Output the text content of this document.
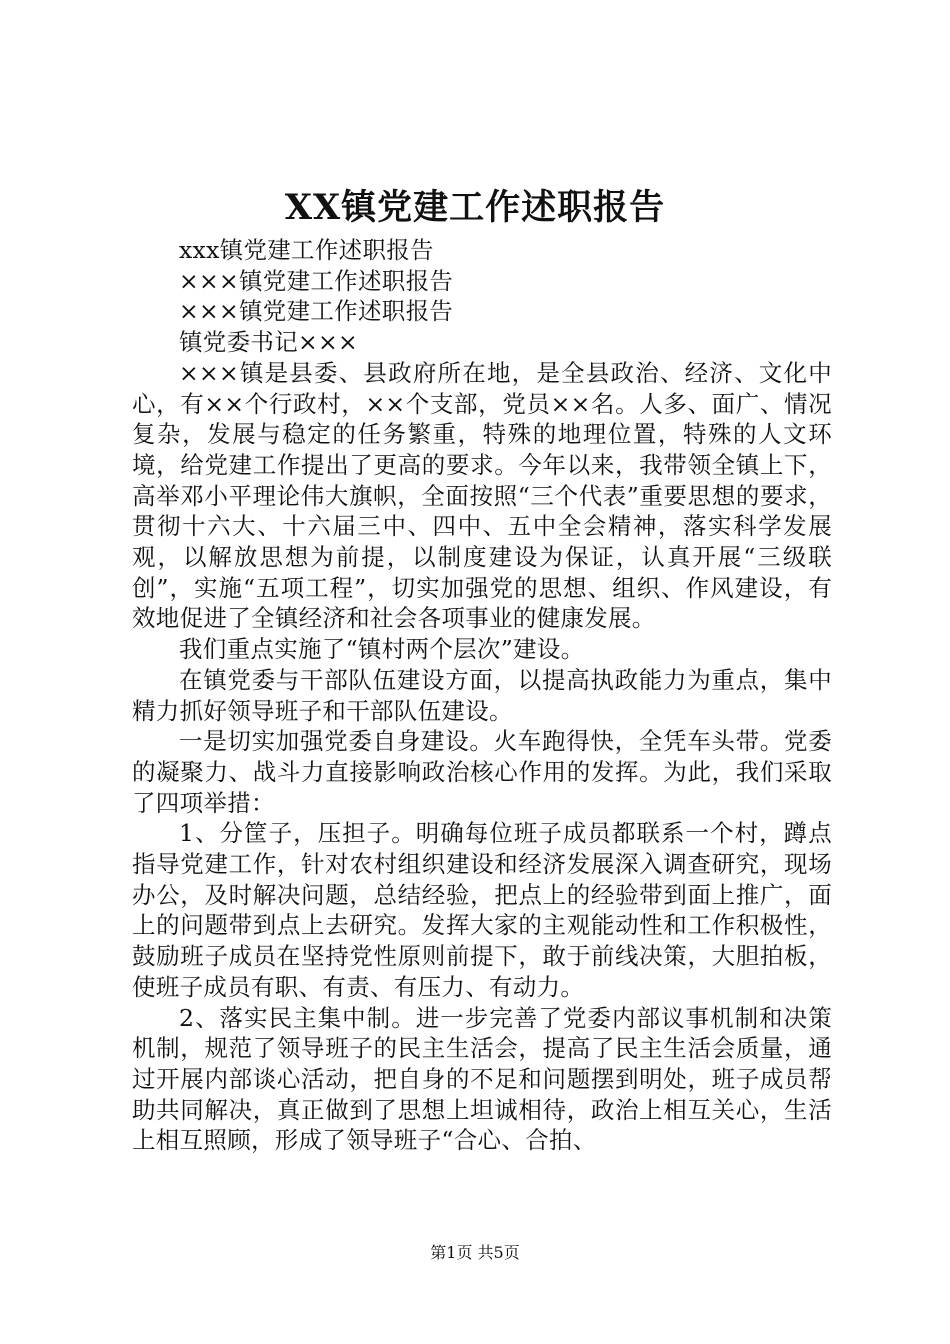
XX镇党建工作述职报告

xxx镇党建工作述职报告

×××镇党建工作述职报告

×××镇党建工作述职报告

镇党委书记×××

×××镇是县委、县政府所在地，是全县政治、经济、文化中心，有××个行政村，××个支部，党员××名。人多、面广、情况复杂，发展与稳定的任务繁重，特殊的地理位置，特殊的人文环境，给党建工作提出了更高的要求。今年以来，我带领全镇上下，高举邓小平理论伟大旗帜，全面按照“三个代表”重要思想的要求，贯彻十六大、十六届三中、四中、五中全会精神，落实科学发展观，以解放思想为前提，以制度建设为保证，认真开展“三级联创”，实施“五项工程”，切实加强党的思想、组织、作风建设，有效地促进了全镇经济和社会各项事业的健康发展。

我们重点实施了“镇村两个层次”建设。

在镇党委与干部队伍建设方面，以提高执政能力为重点，集中精力抓好领导班子和干部队伍建设。

一是切实加强党委自身建设。火车跑得快，全凭车头带。党委的凝聚力、战斗力直接影响政治核心作用的发挥。为此，我们采取了四项举措：

1、分筐子，压担子。明确每位班子成员都联系一个村，蹲点指导党建工作，针对农村组织建设和经济发展深入调查研究，现场办公，及时解决问题，总结经验，把点上的经验带到面上推广，面上的问题带到点上去研究。发挥大家的主观能动性和工作积极性，鼓励班子成员在坚持党性原则前提下，敢于前线决策，大胆拍板，使班子成员有职、有责、有压力、有动力。

2、落实民主集中制。进一步完善了党委内部议事机制和决策机制，规范了领导班子的民主生活会，提高了民主生活会质量，通过开展内部谈心活动，把自身的不足和问题摆到明处，班子成员帮助共同解决，真正做到了思想上坦诚相待，政治上相互关心，生活上相互照顾，形成了领导班子“合心、合拍、

第1页 共5页
